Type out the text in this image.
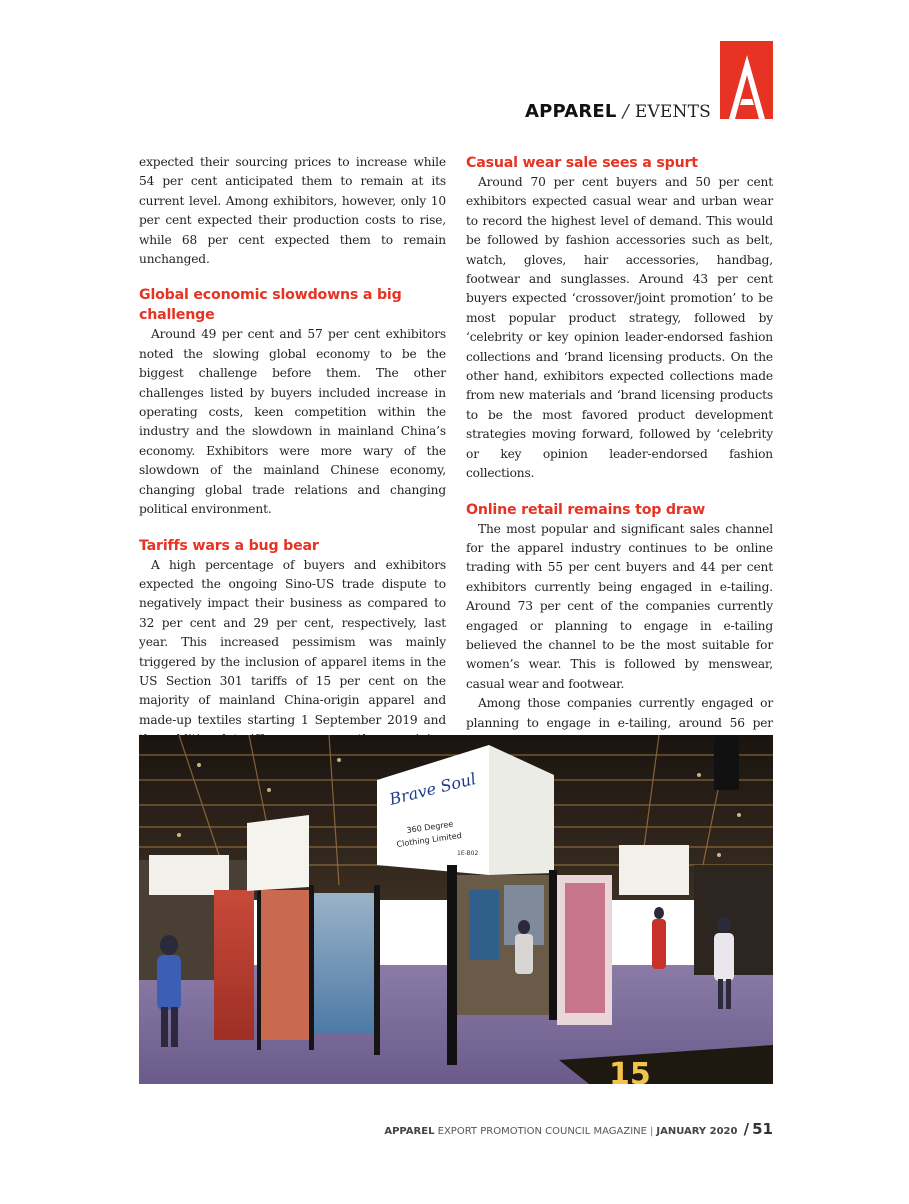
APPAREL / EVENTS

expected their sourcing prices to increase while 54 per cent anticipated them to remain at its current level. Among exhibitors, however, only 10 per cent expected their production costs to rise, while 68 per cent expected them to remain unchanged.

Global economic slowdowns a big challenge

Around 49 per cent and 57 per cent exhibitors noted the slowing global economy to be the biggest challenge before them. The other challenges listed by buyers included increase in operating costs, keen competition within the industry and the slowdown in mainland China’s economy. Exhibitors were more wary of the slowdown of the mainland Chinese economy, changing global trade relations and changing political environment.

Tariffs wars a bug bear

A high percentage of buyers and exhibitors expected the ongoing Sino-US trade dispute to negatively impact their business as compared to 32 per cent and 29 per cent, respectively, last year. This increased pessimism was mainly triggered by the inclusion of apparel items in the US Section 301 tariffs of 15 per cent on the majority of mainland China-origin apparel and made-up textiles starting 1 September 2019 and

Casual wear sale sees a spurt

Around 70 per cent buyers and 50 per cent exhibitors expected casual wear and urban wear to record the highest level of demand. This would be followed by fashion accessories such as belt, watch, gloves, hair accessories, handbag, footwear and sunglasses. Around 43 per cent buyers expected ‘crossover/joint promotion’ to be most popular product strategy, followed by ‘celebrity or key opinion leader-endorsed fashion collections and ‘brand licensing products. On the other hand, exhibitors expected collections made from new materials and ‘brand licensing products to be the most favored product development strategies moving forward, followed by ‘celebrity or key opinion leader-endorsed fashion collections.

Online retail remains top draw

The most popular and significant sales channel for the apparel industry continues to be online trading with 55 per cent buyers and 44 per cent exhibitors currently being engaged in e-tailing. Around 73 per cent of the companies currently engaged or planning to engage in e-tailing believed the channel to be the most suitable for women’s wear. This is followed by menswear, casual wear and footwear.

Among those companies currently engaged or planning to engage in e-tailing, around 56 per

15
Brave Soul
360 Degree
Clothing Limited
1E-B02
APPAREL EXPORT PROMOTION COUNCIL MAGAZINE | JANUARY 2020 / 51
